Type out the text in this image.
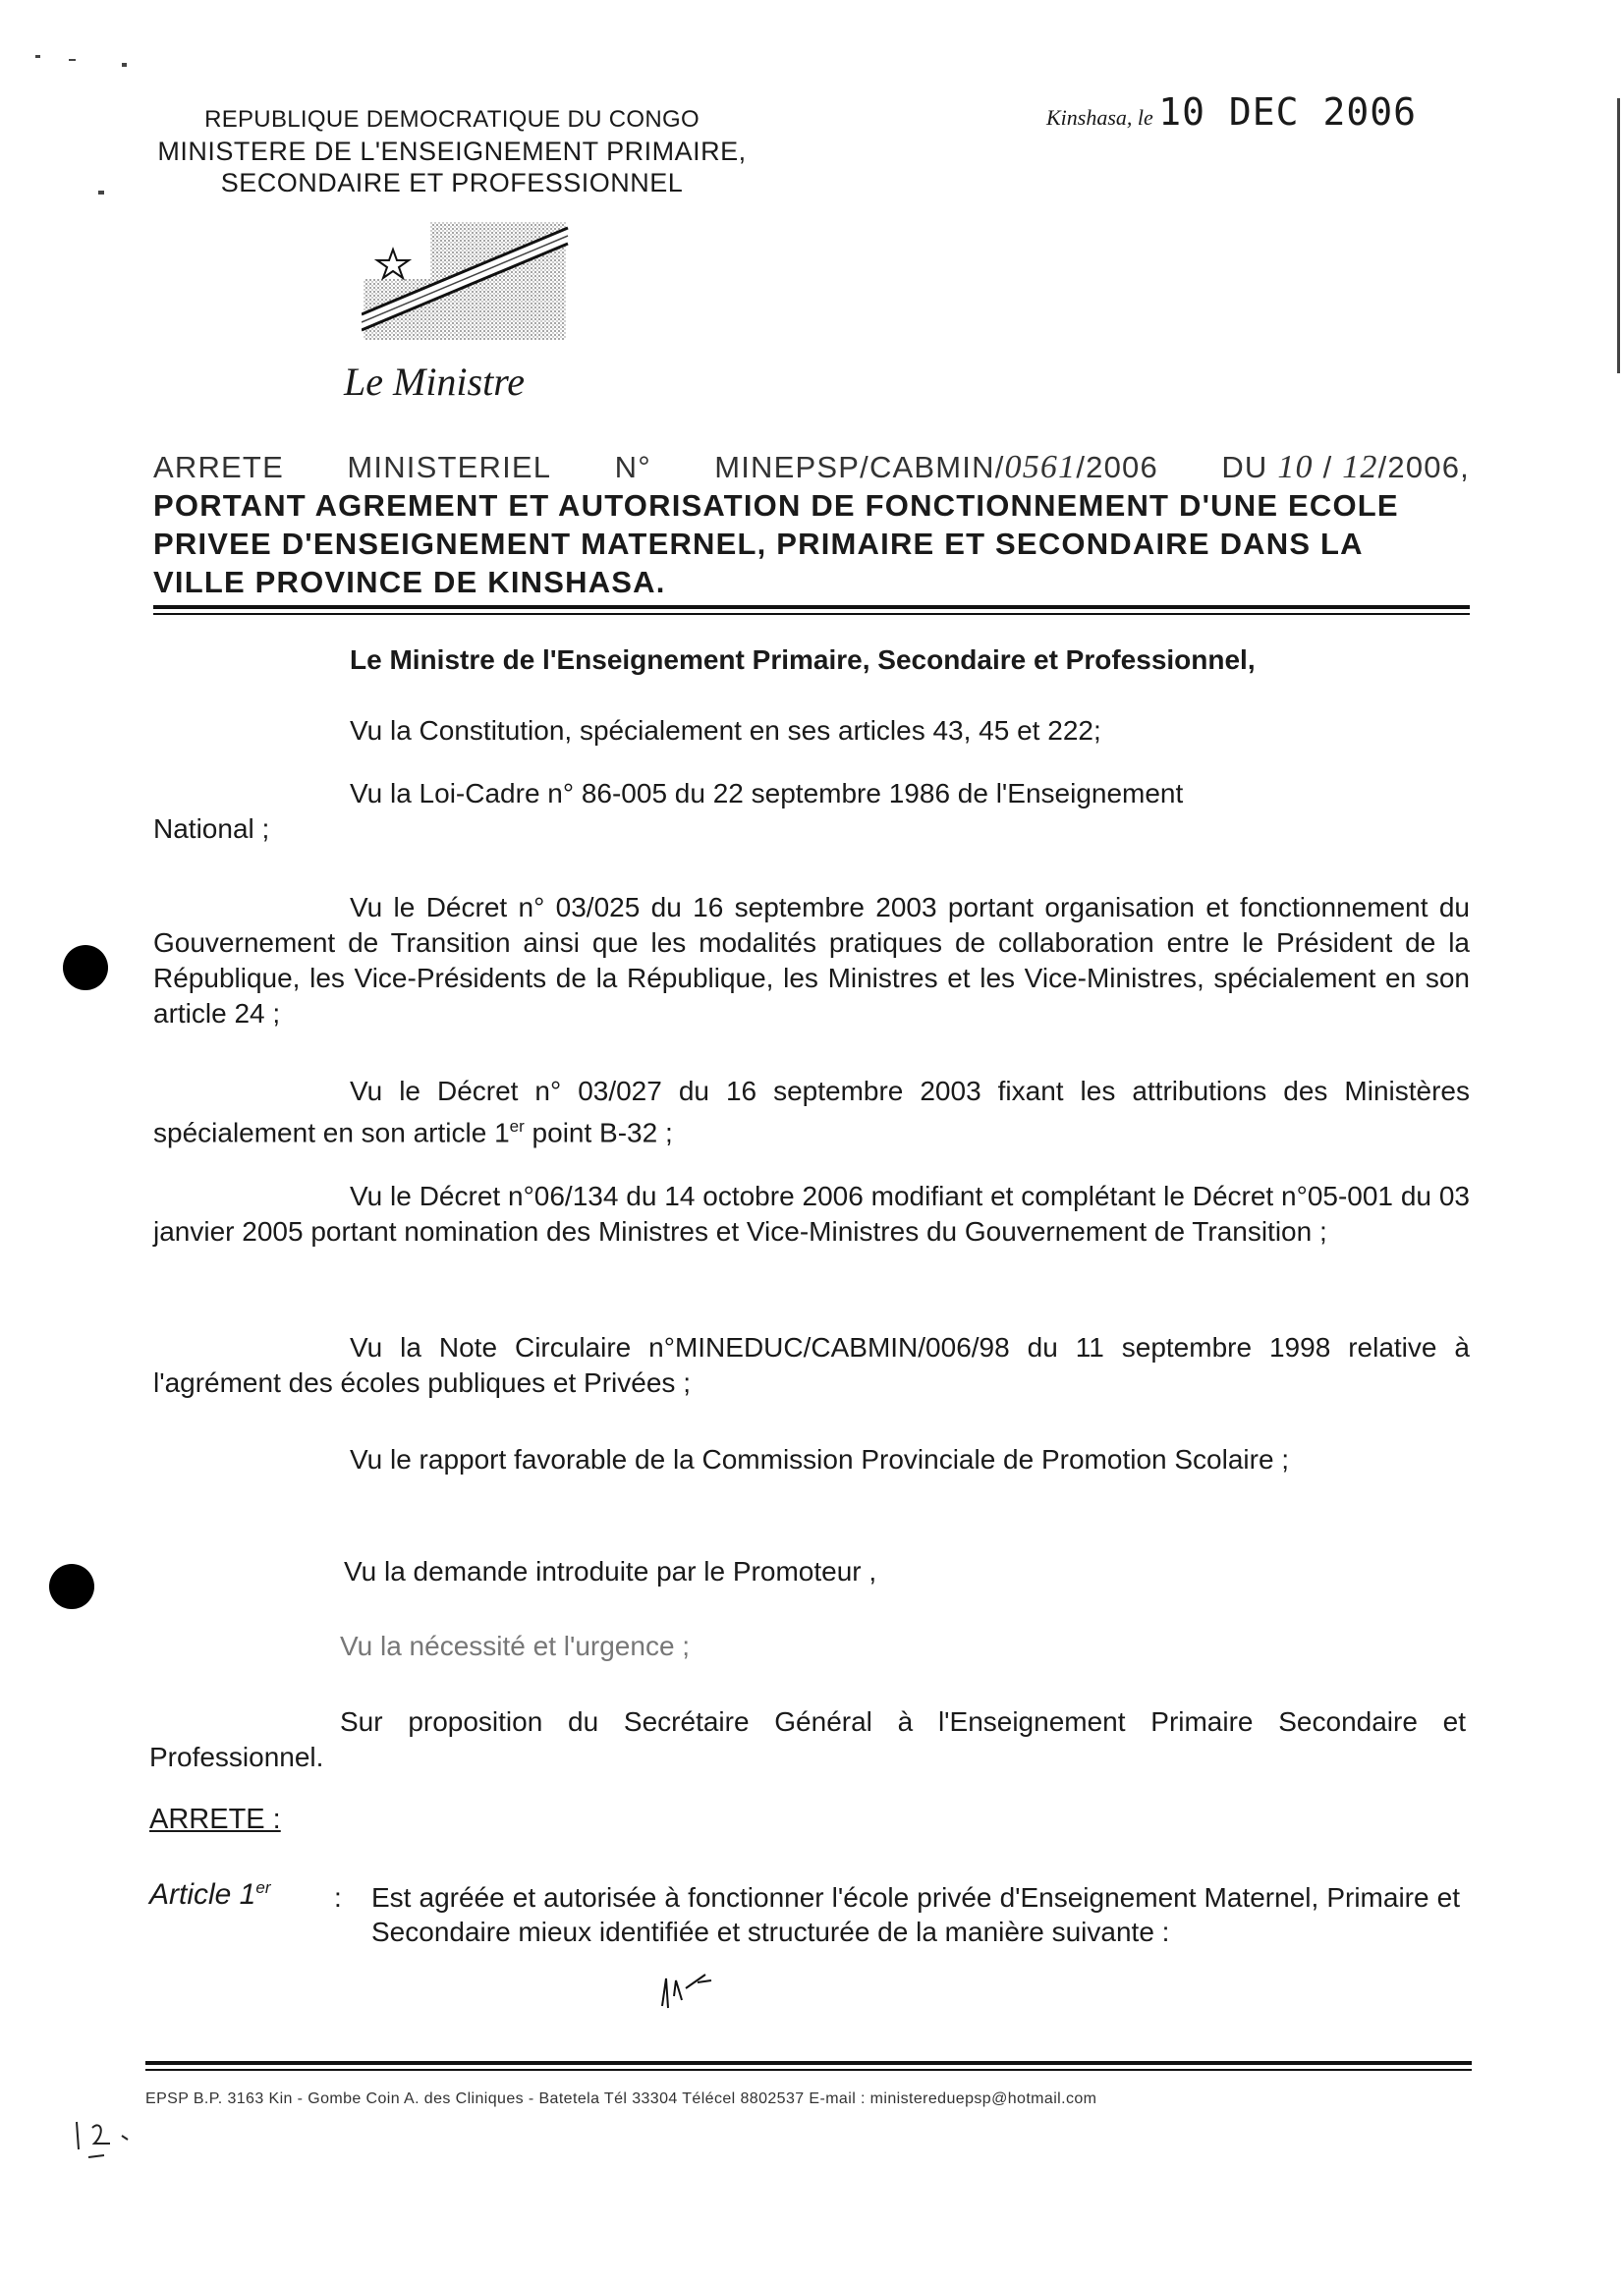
REPUBLIQUE DEMOCRATIQUE DU CONGO
MINISTERE DE L'ENSEIGNEMENT PRIMAIRE,
SECONDAIRE ET PROFESSIONNEL
Kinshasa, le 10 DEC 2006
Le Ministre
ARRETE MINISTERIEL N° MINEPSP/CABMIN/0561/2006 DU 10 / 12/2006,
PORTANT AGREMENT ET AUTORISATION DE FONCTIONNEMENT D'UNE ECOLE
PRIVEE D'ENSEIGNEMENT MATERNEL, PRIMAIRE ET SECONDAIRE DANS LA
VILLE PROVINCE DE KINSHASA.
Le Ministre de l'Enseignement Primaire, Secondaire et Professionnel,
Vu la Constitution, spécialement en ses articles 43, 45 et 222;
Vu la Loi-Cadre n° 86-005 du 22 septembre 1986 de l'Enseignement
National ;
Vu le Décret n° 03/025 du 16 septembre 2003 portant organisation et fonctionnement du Gouvernement de Transition ainsi que les modalités pratiques de collaboration entre le Président de la République, les Vice-Présidents de la République, les Ministres et les Vice-Ministres, spécialement en son article 24 ;
Vu le Décret n° 03/027 du 16 septembre 2003 fixant les attributions des Ministères spécialement en son article 1er point B-32 ;
Vu le Décret n°06/134 du 14 octobre 2006 modifiant et complétant le Décret n°05-001 du 03 janvier 2005 portant nomination des Ministres et Vice-Ministres du Gouvernement de Transition ;
Vu la Note Circulaire n°MINEDUC/CABMIN/006/98 du 11 septembre 1998 relative à l'agrément des écoles publiques et Privées ;
Vu le rapport favorable de la Commission Provinciale de Promotion Scolaire ;
Vu la demande introduite par le Promoteur ,
Vu la nécessité et l'urgence ;
Sur proposition du Secrétaire Général à l'Enseignement Primaire Secondaire et Professionnel.
ARRETE :
Article 1er : Est agréée et autorisée à fonctionner l'école privée d'Enseignement Maternel, Primaire et Secondaire mieux identifiée et structurée de la manière suivante :
EPSP B.P. 3163 Kin - Gombe Coin A. des Cliniques - Batetela Tél 33304 Télécel 8802537 E-mail : ministereduepsp@hotmail.com
